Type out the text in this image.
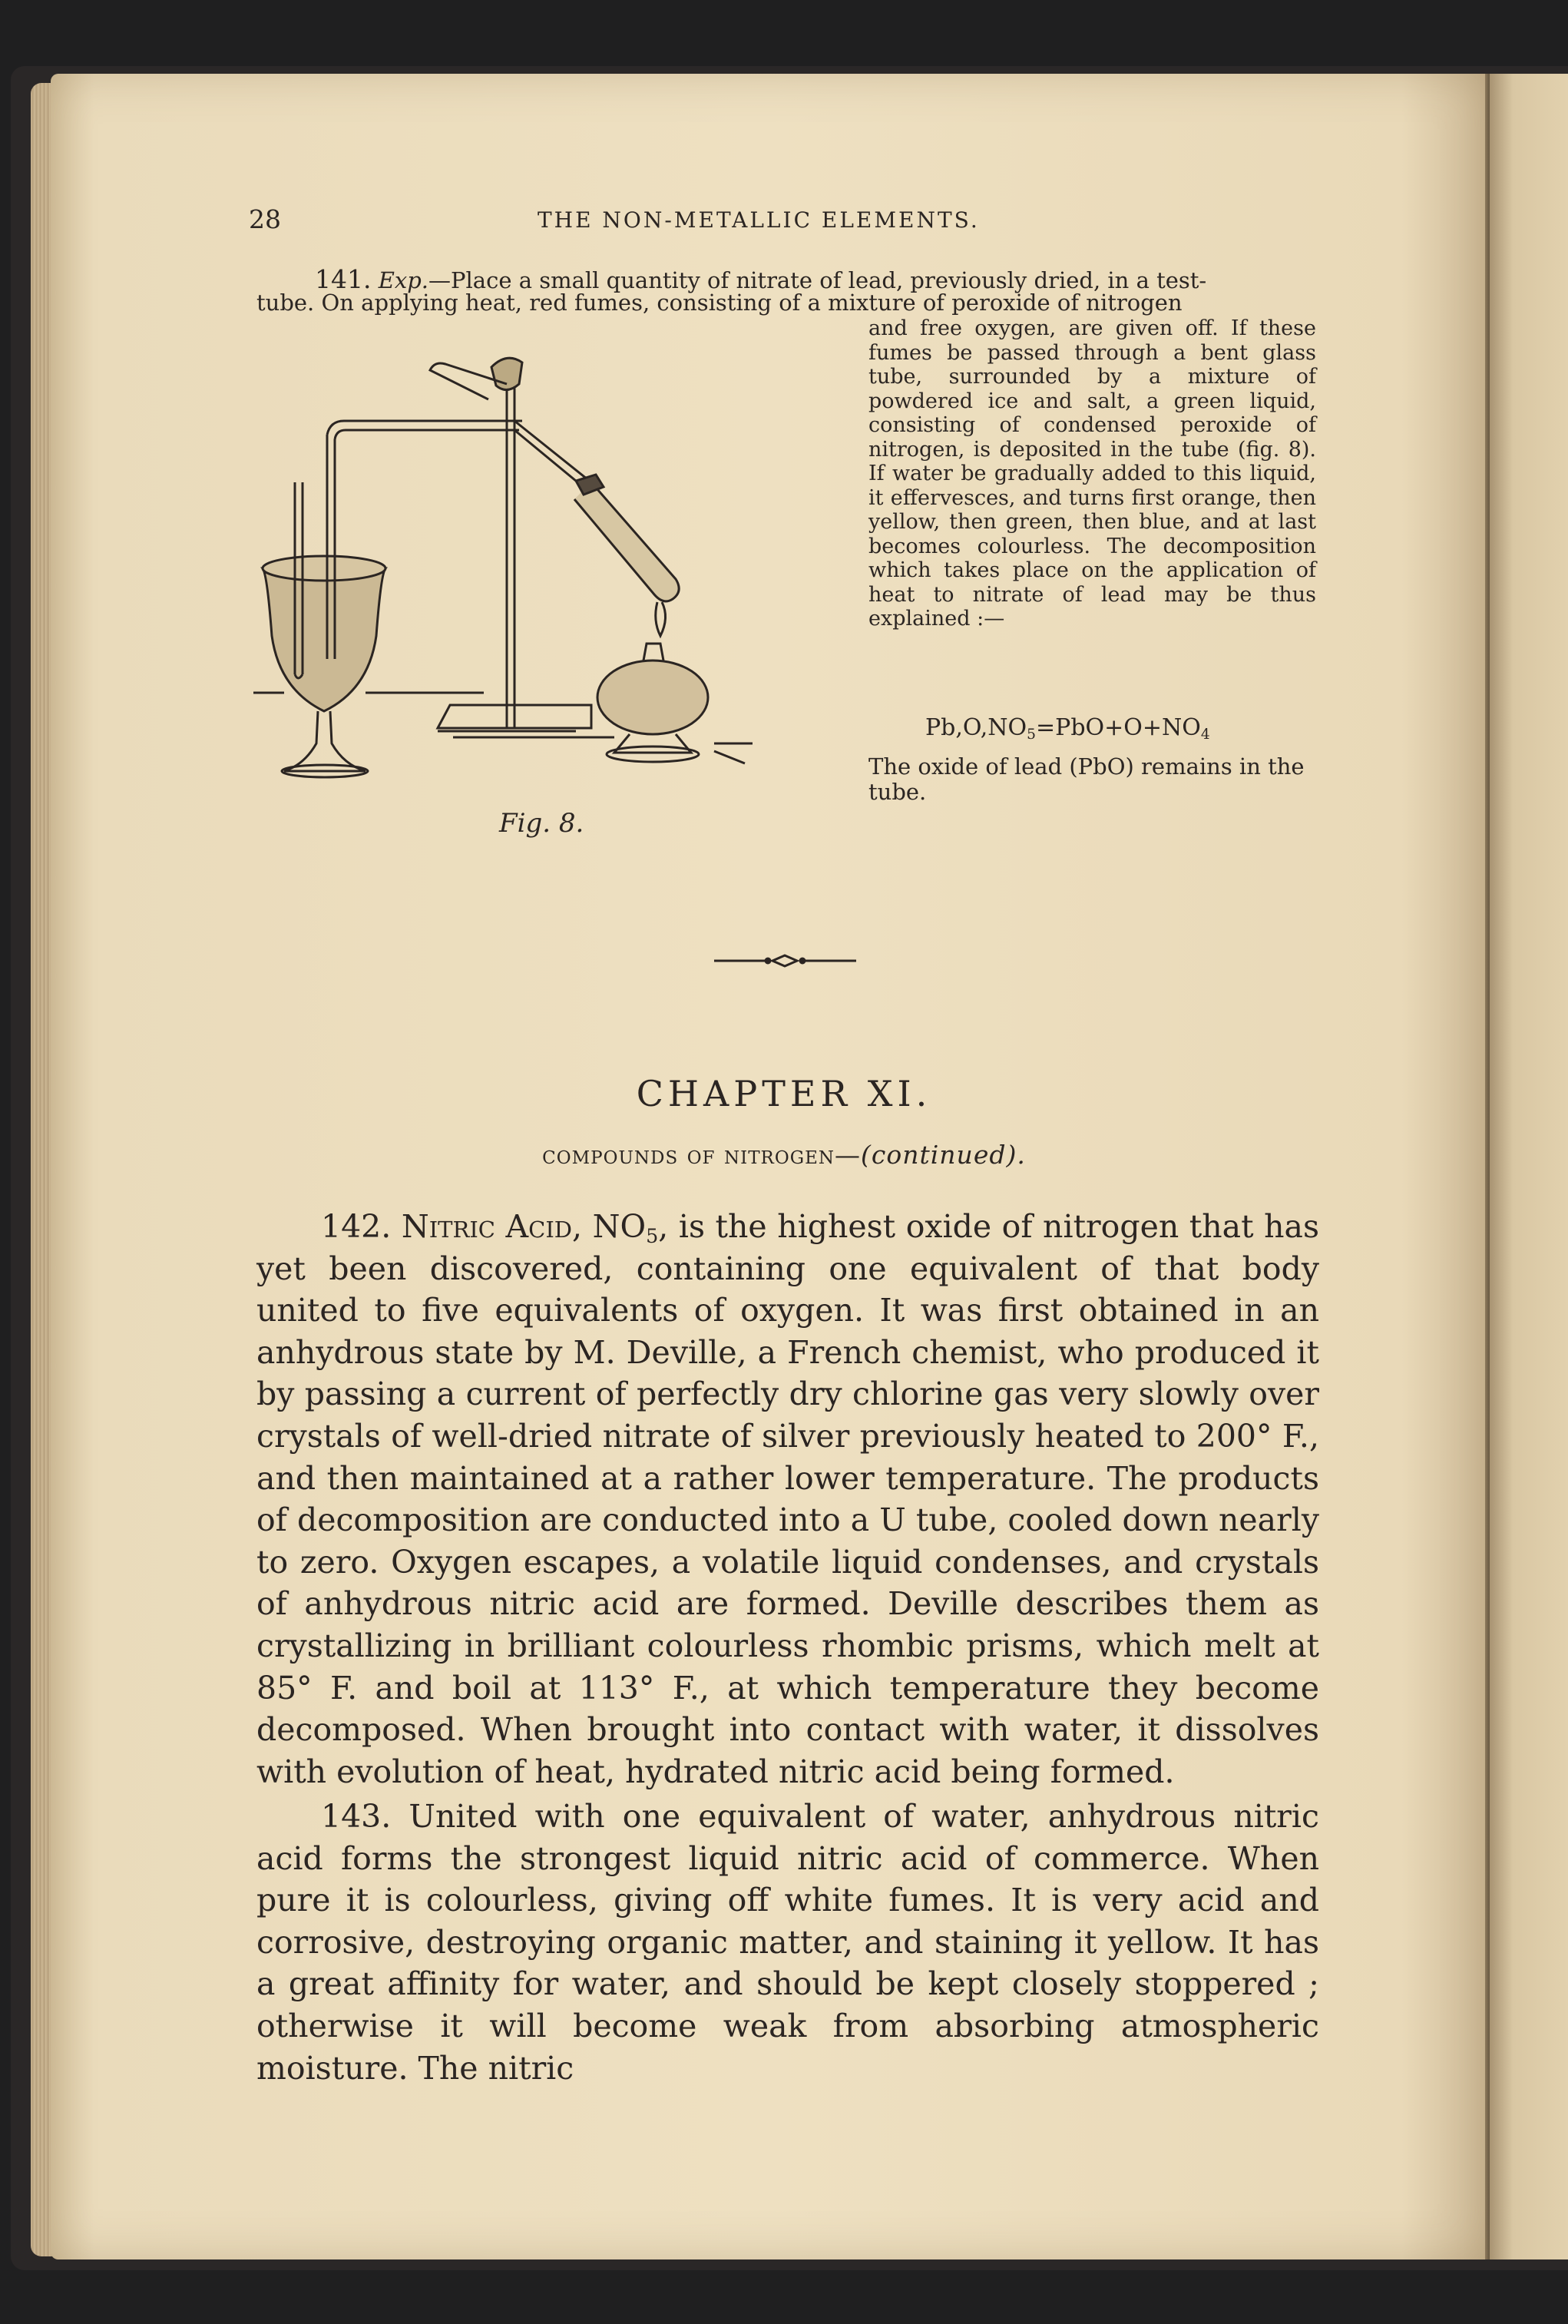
28	THE NON-METALLIC ELEMENTS.
141. Exp.—Place a small quantity of nitrate of lead, previously dried, in a test-
tube. On applying heat, red fumes, consisting of a mixture of peroxide of nitrogen
and free oxygen, are given off. If these fumes be passed through a bent glass tube, surrounded by a mixture of powdered ice and salt, a green liquid, consisting of condensed peroxide of nitrogen, is deposited in the tube (fig. 8). If water be gradually added to this liquid, it effervesces, and turns first orange, then yellow, then green, then blue, and at last becomes colourless. The decomposition which takes place on the application of heat to nitrate of lead may be thus explained :—
Fig. 8.
$Pb,O,NO_5=PbO+O+NO_4$
The oxide of lead (PbO) remains in the tube.
CHAPTER XI.
compounds of nitrogen—(continued).

142. Nitric Acid, $NO_5$, is the highest oxide of nitrogen that has yet been discovered, containing one equivalent of that body united to five equivalents of oxygen. It was first obtained in an anhydrous state by M. Deville, a French chemist, who produced it by passing a current of perfectly dry chlorine gas very slowly over crystals of well-dried nitrate of silver previously heated to 200° F., and then maintained at a rather lower temperature. The products of decomposition are conducted into a U tube, cooled down nearly to zero. Oxygen escapes, a volatile liquid condenses, and crystals of anhydrous nitric acid are formed. Deville describes them as crystallizing in brilliant colourless rhombic prisms, which melt at 85° F. and boil at 113° F., at which temperature they become decomposed. When brought into contact with water, it dissolves with evolution of heat, hydrated nitric acid being formed.

143. United with one equivalent of water, anhydrous nitric acid forms the strongest liquid nitric acid of commerce. When pure it is colourless, giving off white fumes. It is very acid and corrosive, destroying organic matter, and staining it yellow. It has a great affinity for water, and should be kept closely stoppered ; otherwise it will become weak from absorbing atmospheric moisture. The nitric
